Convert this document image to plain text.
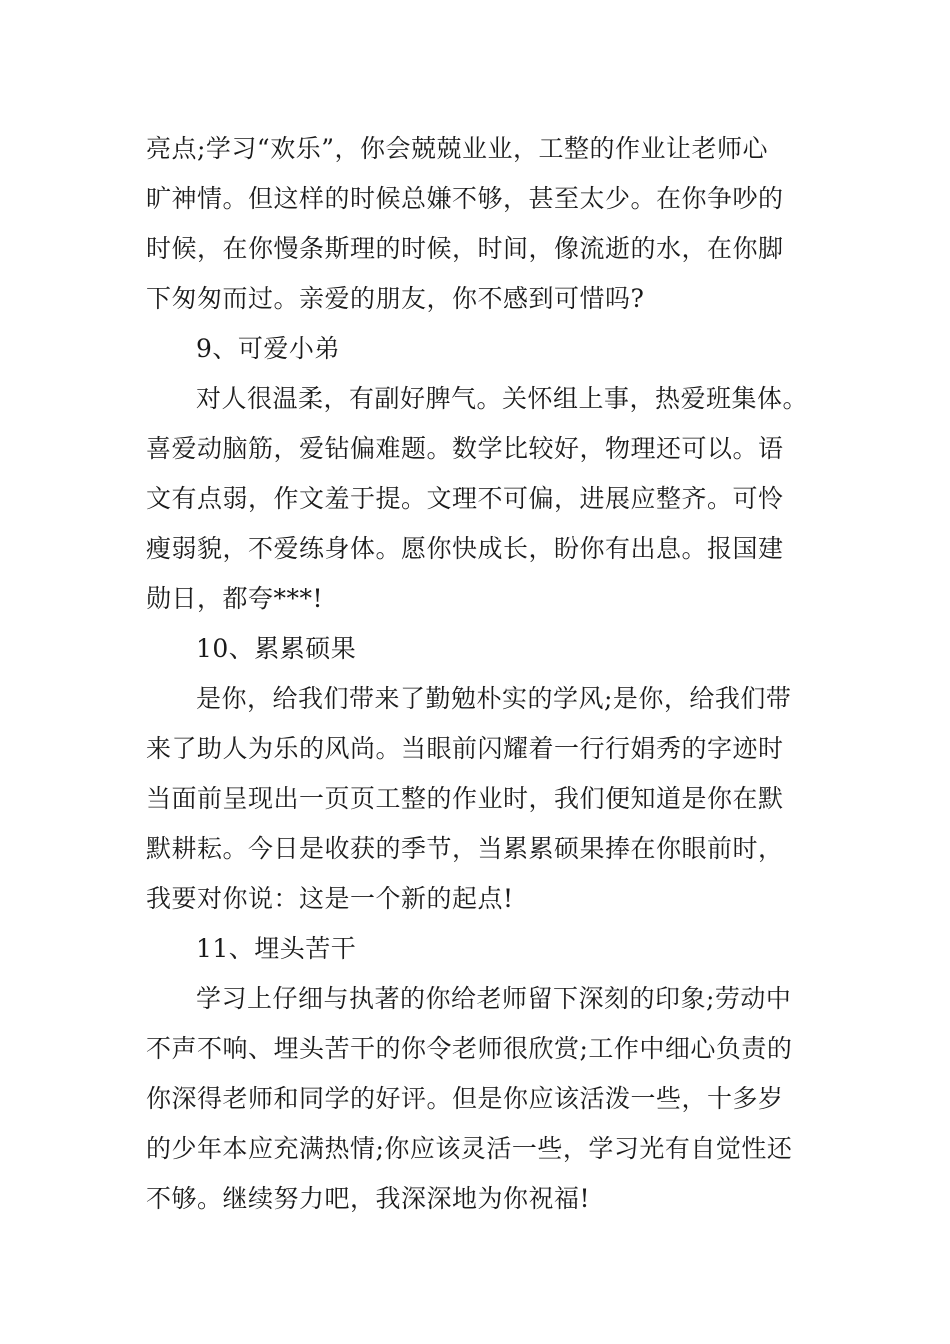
亮点;学习“欢乐”，你会兢兢业业，工整的作业让老师心
旷神情。但这样的时候总嫌不够，甚至太少。在你争吵的
时候，在你慢条斯理的时候，时间，像流逝的水，在你脚
下匆匆而过。亲爱的朋友，你不感到可惜吗?
9、可爱小弟
对人很温柔，有副好脾气。关怀组上事，热爱班集体。
喜爱动脑筋，爱钻偏难题。数学比较好，物理还可以。语
文有点弱，作文羞于提。文理不可偏，进展应整齐。可怜
瘦弱貌，不爱练身体。愿你快成长，盼你有出息。报国建
勋日，都夸***!
10、累累硕果
是你，给我们带来了勤勉朴实的学风;是你，给我们带
来了助人为乐的风尚。当眼前闪耀着一行行娟秀的字迹时
当面前呈现出一页页工整的作业时，我们便知道是你在默
默耕耘。今日是收获的季节，当累累硕果捧在你眼前时，
我要对你说：这是一个新的起点!
11、埋头苦干
学习上仔细与执著的你给老师留下深刻的印象;劳动中
不声不响、埋头苦干的你令老师很欣赏;工作中细心负责的
你深得老师和同学的好评。但是你应该活泼一些，十多岁
的少年本应充满热情;你应该灵活一些，学习光有自觉性还
不够。继续努力吧，我深深地为你祝福!
